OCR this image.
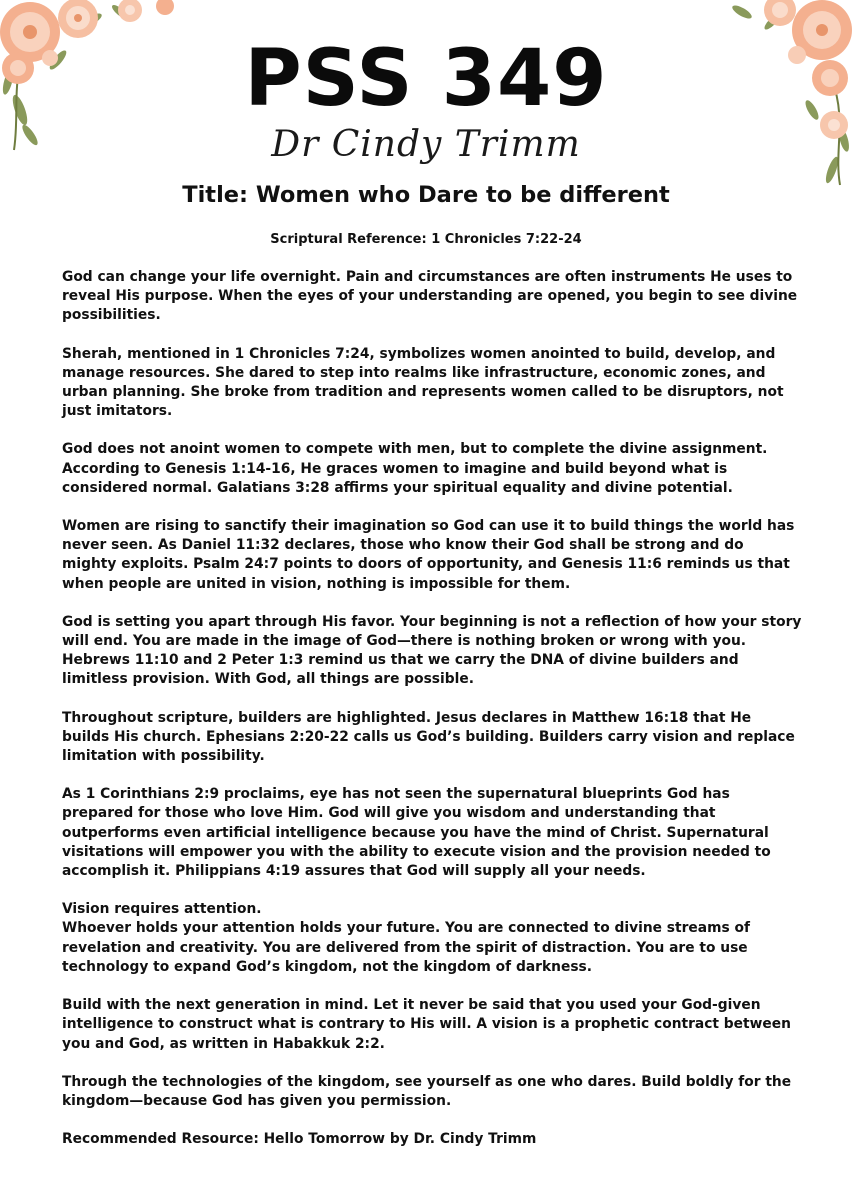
PSS 349
Dr Cindy Trimm
Title: Women who Dare to be different
Scriptural Reference: 1 Chronicles 7:22-24

God can change your life overnight. Pain and circumstances are often instruments He uses to reveal His purpose. When the eyes of your understanding are opened, you begin to see divine possibilities.

Sherah, mentioned in 1 Chronicles 7:24, symbolizes women anointed to build, develop, and manage resources. She dared to step into realms like infrastructure, economic zones, and urban planning. She broke from tradition and represents women called to be disruptors, not just imitators.

God does not anoint women to compete with men, but to complete the divine assignment. According to Genesis 1:14-16, He graces women to imagine and build beyond what is considered normal. Galatians 3:28 affirms your spiritual equality and divine potential.

Women are rising to sanctify their imagination so God can use it to build things the world has never seen. As Daniel 11:32 declares, those who know their God shall be strong and do mighty exploits. Psalm 24:7 points to doors of opportunity, and Genesis 11:6 reminds us that when people are united in vision, nothing is impossible for them.

God is setting you apart through His favor. Your beginning is not a reflection of how your story will end. You are made in the image of God—there is nothing broken or wrong with you. Hebrews 11:10 and 2 Peter 1:3 remind us that we carry the DNA of divine builders and limitless provision. With God, all things are possible.

Throughout scripture, builders are highlighted. Jesus declares in Matthew 16:18 that He builds His church. Ephesians 2:20-22 calls us God’s building. Builders carry vision and replace limitation with possibility.

As 1 Corinthians 2:9 proclaims, eye has not seen the supernatural blueprints God has prepared for those who love Him. God will give you wisdom and understanding that outperforms even artificial intelligence because you have the mind of Christ. Supernatural visitations will empower you with the ability to execute vision and the provision needed to accomplish it. Philippians 4:19 assures that God will supply all your needs.

Vision requires attention.

Whoever holds your attention holds your future. You are connected to divine streams of revelation and creativity. You are delivered from the spirit of distraction. You are to use technology to expand God’s kingdom, not the kingdom of darkness.

Build with the next generation in mind. Let it never be said that you used your God-given intelligence to construct what is contrary to His will. A vision is a prophetic contract between you and God, as written in Habakkuk 2:2.

Through the technologies of the kingdom, see yourself as one who dares. Build boldly for the kingdom—because God has given you permission.

Recommended Resource: Hello Tomorrow by Dr. Cindy Trimm
